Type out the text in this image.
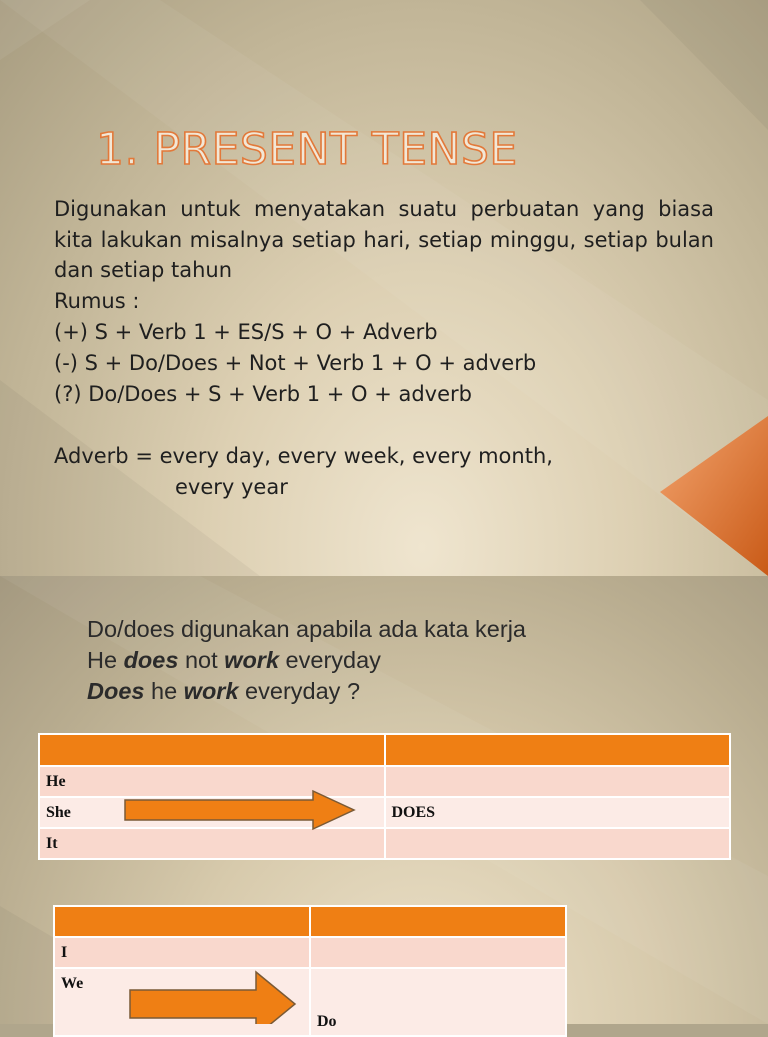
1. PRESENT TENSE

Digunakan untuk menyatakan suatu perbuatan yang biasa kita lakukan misalnya setiap hari, setiap minggu, setiap bulan dan setiap tahun

Rumus :

(+) S + Verb 1 + ES/S + O + Adverb

(-) S + Do/Does + Not + Verb 1 + O + adverb

(?) Do/Does + S + Verb 1 + O + adverb

Adverb = every day, every week, every month,

every year

Do/does digunakan apabila ada kata kerja

He does not work everyday

Does he work everyday ?

He	
She	DOES
It	

I	
We	Do
